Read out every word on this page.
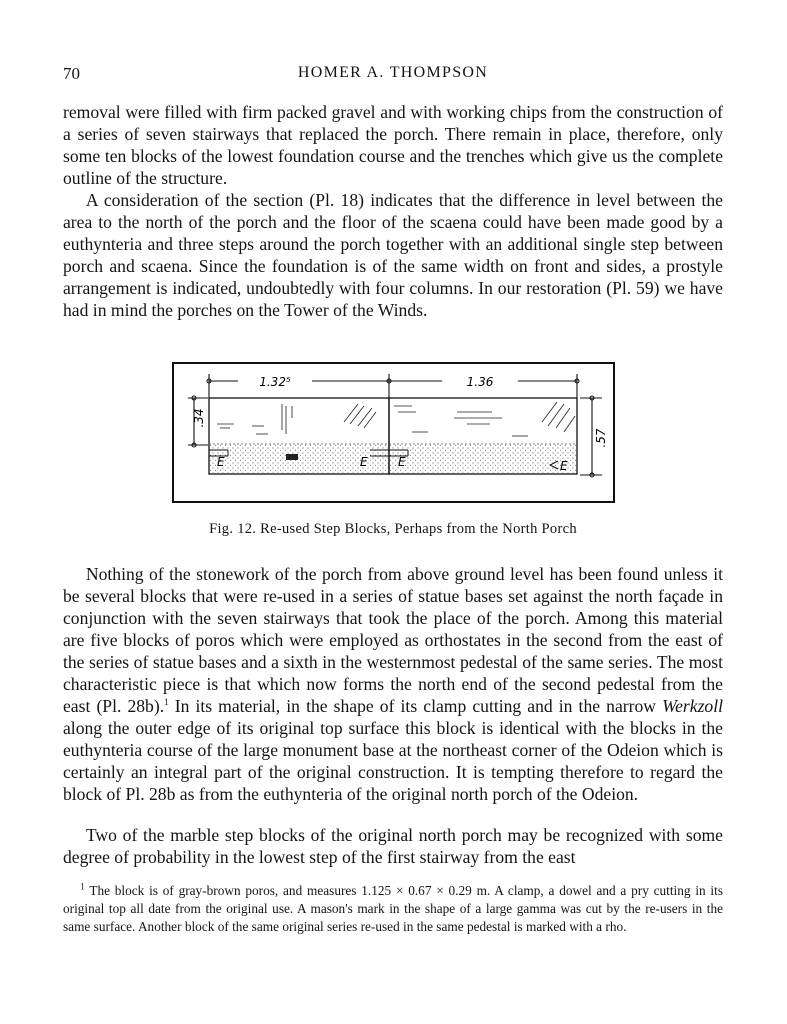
70	HOMER A. THOMPSON

removal were filled with firm packed gravel and with working chips from the construction of a series of seven stairways that replaced the porch. There remain in place, therefore, only some ten blocks of the lowest foundation course and the trenches which give us the complete outline of the structure.

A consideration of the section (Pl. 18) indicates that the difference in level between the area to the north of the porch and the floor of the scaena could have been made good by a euthynteria and three steps around the porch together with an additional single step between porch and scaena. Since the foundation is of the same width on front and sides, a prostyle arrangement is indicated, undoubtedly with four columns. In our restoration (Pl. 59) we have had in mind the porches on the Tower of the Winds.

1.32⁵	1.36
.34
.57
E	E	E	E
Fig. 12. Re-used Step Blocks, Perhaps from the North Porch

Nothing of the stonework of the porch from above ground level has been found unless it be several blocks that were re-used in a series of statue bases set against the north façade in conjunction with the seven stairways that took the place of the porch. Among this material are five blocks of poros which were employed as orthostates in the second from the east of the series of statue bases and a sixth in the westernmost pedestal of the same series. The most characteristic piece is that which now forms the north end of the second pedestal from the east (Pl. 28b).$^1$ In its material, in the shape of its clamp cutting and in the narrow Werkzoll along the outer edge of its original top surface this block is identical with the blocks in the euthynteria course of the large monument base at the northeast corner of the Odeion which is certainly an integral part of the original construction. It is tempting therefore to regard the block of Pl. 28b as from the euthynteria of the original north porch of the Odeion.

Two of the marble step blocks of the original north porch may be recognized with some degree of probability in the lowest step of the first stairway from the east

$^1$ The block is of gray-brown poros, and measures 1.125 × 0.67 × 0.29 m. A clamp, a dowel and a pry cutting in its original top all date from the original use. A mason's mark in the shape of a large gamma was cut by the re-users in the same surface. Another block of the same original series re-used in the same pedestal is marked with a rho.
